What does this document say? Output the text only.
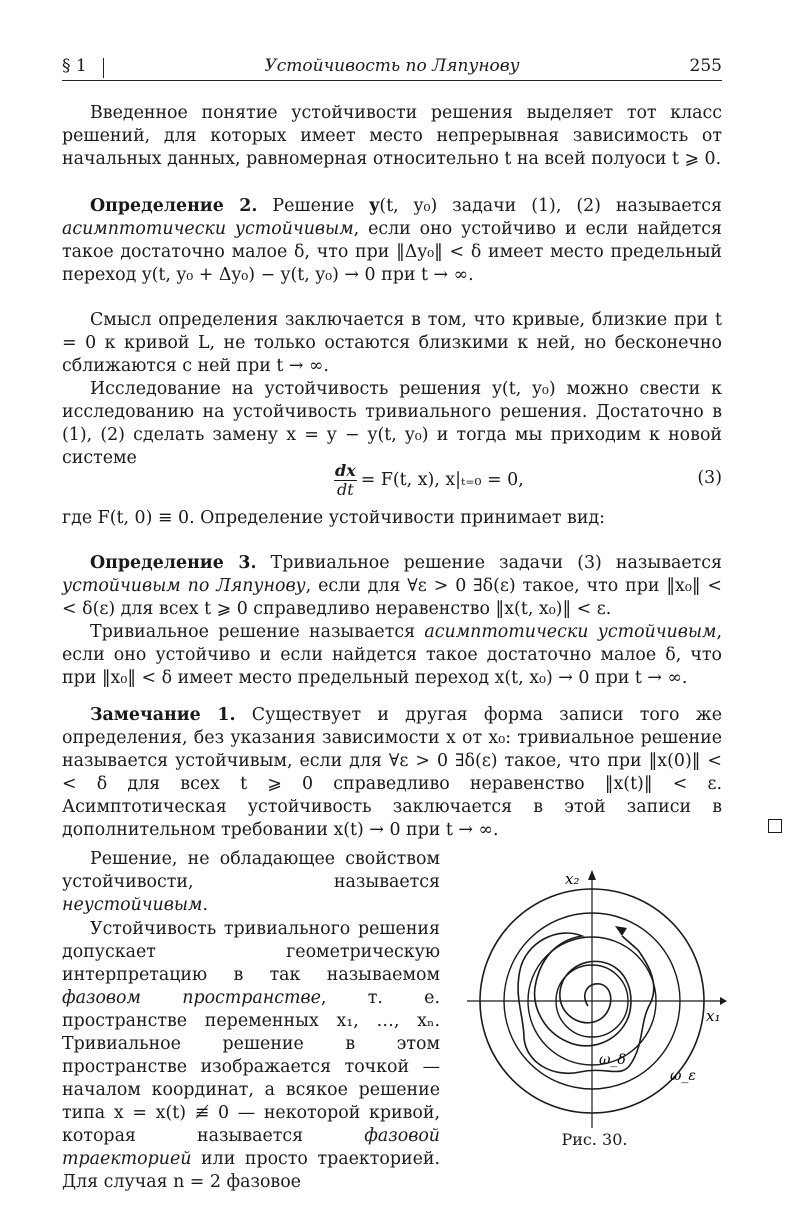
§ 1	Устойчивость по Ляпунову	255
Введенное понятие устойчивости решения выделяет тот класс решений, для которых имеет место непрерывная зависимость от начальных данных, равномерная относительно t на всей полуоси t ⩾ 0.
Определение 2. Решение y(t, y₀) задачи (1), (2) называется асимптотически устойчивым, если оно устойчиво и если найдется такое достаточно малое δ, что при ‖Δy₀‖ < δ имеет место предельный переход y(t, y₀ + Δy₀) − y(t, y₀) → 0 при t → ∞.
Смысл определения заключается в том, что кривые, близкие при t = 0 к кривой L, не только остаются близкими к ней, но бесконечно сближаются с ней при t → ∞.
Исследование на устойчивость решения y(t, y₀) можно свести к исследованию на устойчивость тривиального решения. Достаточно в (1), (2) сделать замену x = y − y(t, y₀) и тогда мы приходим к новой системе
$\frac{dx}{dt} = F(t$, x), x|ₜ₌₀ = 0,	(3)
где F(t, 0) ≡ 0. Определение устойчивости принимает вид:
Определение 3. Тривиальное решение задачи (3) называется устойчивым по Ляпунову, если для ∀ε > 0 ∃δ(ε) такое, что при ‖x₀‖ < < δ(ε) для всех t ⩾ 0 справедливо неравенство ‖x(t, x₀)‖ < ε.
Тривиальное решение называется асимптотически устойчивым, если оно устойчиво и если найдется такое достаточно малое δ, что при ‖x₀‖ < δ имеет место предельный переход x(t, x₀) → 0 при t → ∞.
Замечание 1. Существует и другая форма записи того же определения, без указания зависимости x от x₀: тривиальное решение называется устойчивым, если для ∀ε > 0 ∃δ(ε) такое, что при ‖x(0)‖ < < δ для всех t ⩾ 0 справедливо неравенство ‖x(t)‖ < ε. Асимптотическая устойчивость заключается в этой записи в дополнительном требовании x(t) → 0 при t → ∞.
Решение, не обладающее свойством устойчивости, называется неустойчивым.
Устойчивость тривиального решения допускает геометрическую интерпретацию в так называемом фазовом пространстве, т. е. пространстве переменных x₁, …, xₙ. Тривиальное решение в этом пространстве изображается точкой — началом координат, а всякое решение типа x = x(t) ≢ 0 — некоторой кривой, которая называется фазовой траекторией или просто траекторией. Для случая n = 2 фазовое
x₂
x₁
ω_δ
ω_ε
Рис. 30.
